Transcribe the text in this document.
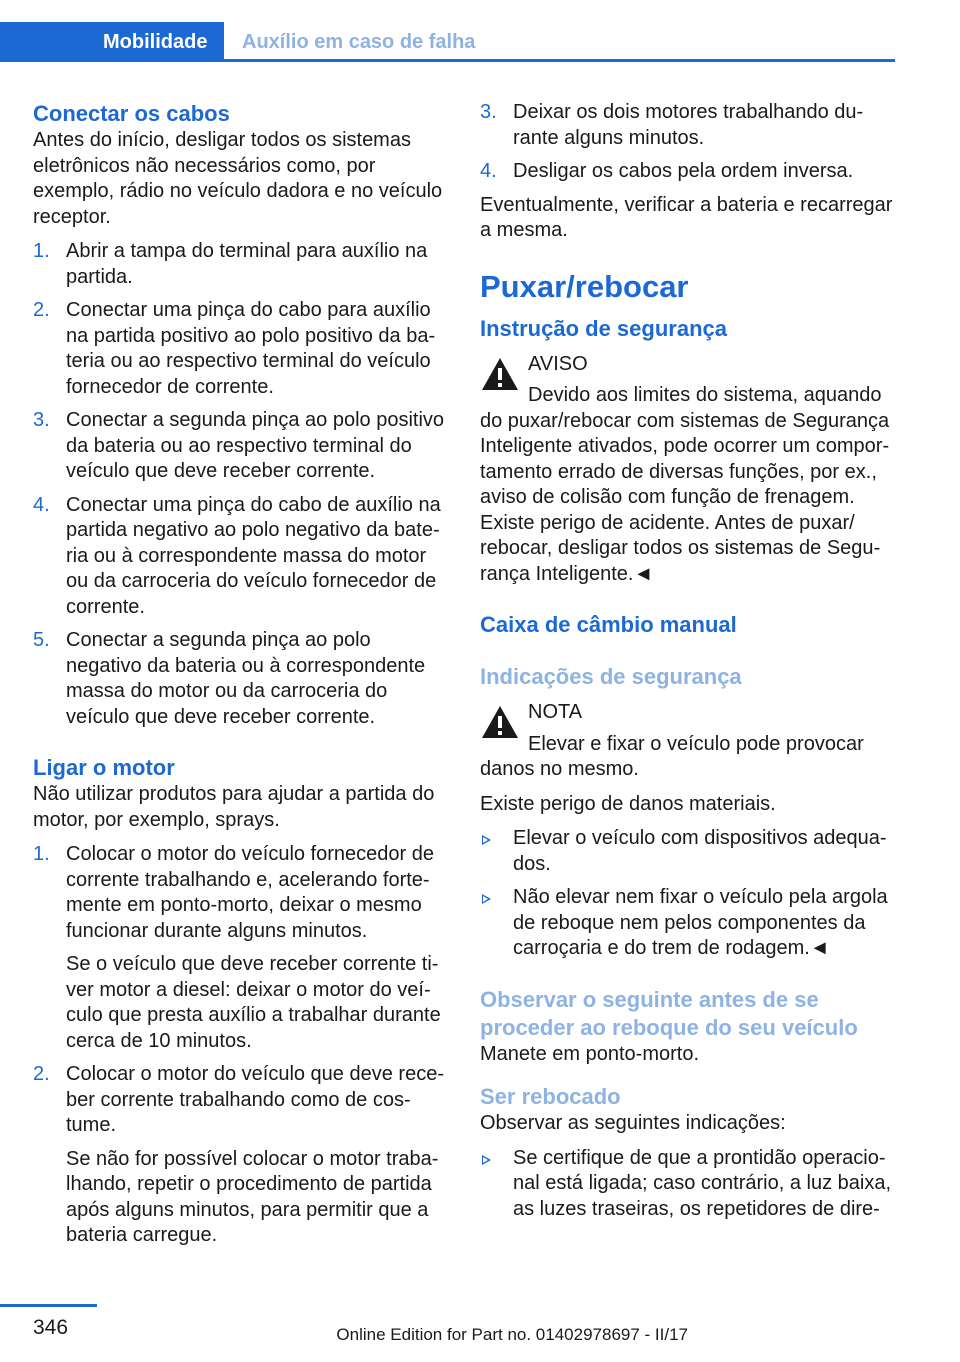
Mobilidade	Auxílio em caso de falha
Conectar os cabos

Antes do início, desligar todos os sistemas eletrônicos não necessários como, por exemplo, rádio no veículo dadora e no veículo receptor.

1. Abrir a tampa do terminal para auxílio na partida.
2. Conectar uma pinça do cabo para auxílio na partida positivo ao polo positivo da bateria ou ao respectivo terminal do veículo fornecedor de corrente.
3. Conectar a segunda pinça ao polo positivo da bateria ou ao respectivo terminal do veículo que deve receber corrente.
4. Conectar uma pinça do cabo de auxílio na partida negativo ao polo negativo da bateria ou à correspondente massa do motor ou da carroceria do veículo fornecedor de corrente.
5. Conectar a segunda pinça ao polo negativo da bateria ou à correspondente massa do motor ou da carroceria do veículo que deve receber corrente.
Ligar o motor

Não utilizar produtos para ajudar a partida do motor, por exemplo, sprays.

1. Colocar o motor do veículo fornecedor de corrente trabalhando e, acelerando fortemente em ponto-morto, deixar o mesmo funcionar durante alguns minutos.

Se o veículo que deve receber corrente tiver motor a diesel: deixar o motor do veículo que presta auxílio a trabalhar durante cerca de 10 minutos.

2. Colocar o motor do veículo que deve receber corrente trabalhando como de costume.

Se não for possível colocar o motor trabalhando, repetir o procedimento de partida após alguns minutos, para permitir que a bateria carregue.

3. Deixar os dois motores trabalhando durante alguns minutos.
4. Desligar os cabos pela ordem inversa.

Eventualmente, verificar a bateria e recarregar a mesma.

Puxar/rebocar
Instrução de segurança

AVISO

Devido aos limites do sistema, aquando do puxar/rebocar com sistemas de Segurança Inteligente ativados, pode ocorrer um comportamento errado de diversas funções, por ex., aviso de colisão com função de frenagem. Existe perigo de acidente. Antes de puxar/ rebocar, desligar todos os sistemas de Segurança Inteligente.◄

Caixa de câmbio manual
Indicações de segurança

NOTA

Elevar e fixar o veículo pode provocar danos no mesmo.

Existe perigo de danos materiais.

Elevar o veículo com dispositivos adequados.
Não elevar nem fixar o veículo pela argola de reboque nem pelos componentes da carroçaria e do trem de rodagem.◄
Observar o seguinte antes de se proceder ao reboque do seu veículo

Manete em ponto-morto.

Ser rebocado

Observar as seguintes indicações:

Se certifique de que a prontidão operacional está ligada; caso contrário, a luz baixa, as luzes traseiras, os repetidores de dire-
346	Online Edition for Part no. 01402978697 - II/17
